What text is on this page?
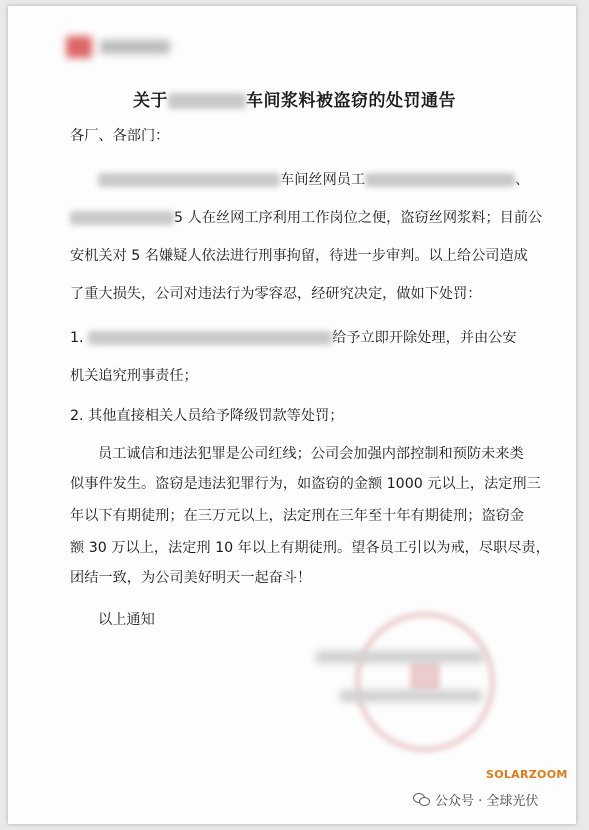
关于	车间浆料被盗窃的处罚通告
各厂、各部门：
车间丝网员工	、
5 人在丝网工序利用工作岗位之便，盗窃丝网浆料；目前公
安机关对 5 名嫌疑人依法进行刑事拘留，待进一步审判。以上给公司造成
了重大损失，公司对违法行为零容忍，经研究决定，做如下处罚：
1.	给予立即开除处理，并由公安
机关追究刑事责任；
2. 其他直接相关人员给予降级罚款等处罚；
员工诚信和违法犯罪是公司红线；公司会加强内部控制和预防未来类
似事件发生。盗窃是违法犯罪行为，如盗窃的金额 1000 元以上，法定刑三
年以下有期徒刑；在三万元以上，法定刑在三年至十年有期徒刑；盗窃金
额 30 万以上，法定刑 10 年以上有期徒刑。望各员工引以为戒，尽职尽责，
团结一致，为公司美好明天一起奋斗！
以上通知
SOLARZOOM
公众号 · 全球光伏
